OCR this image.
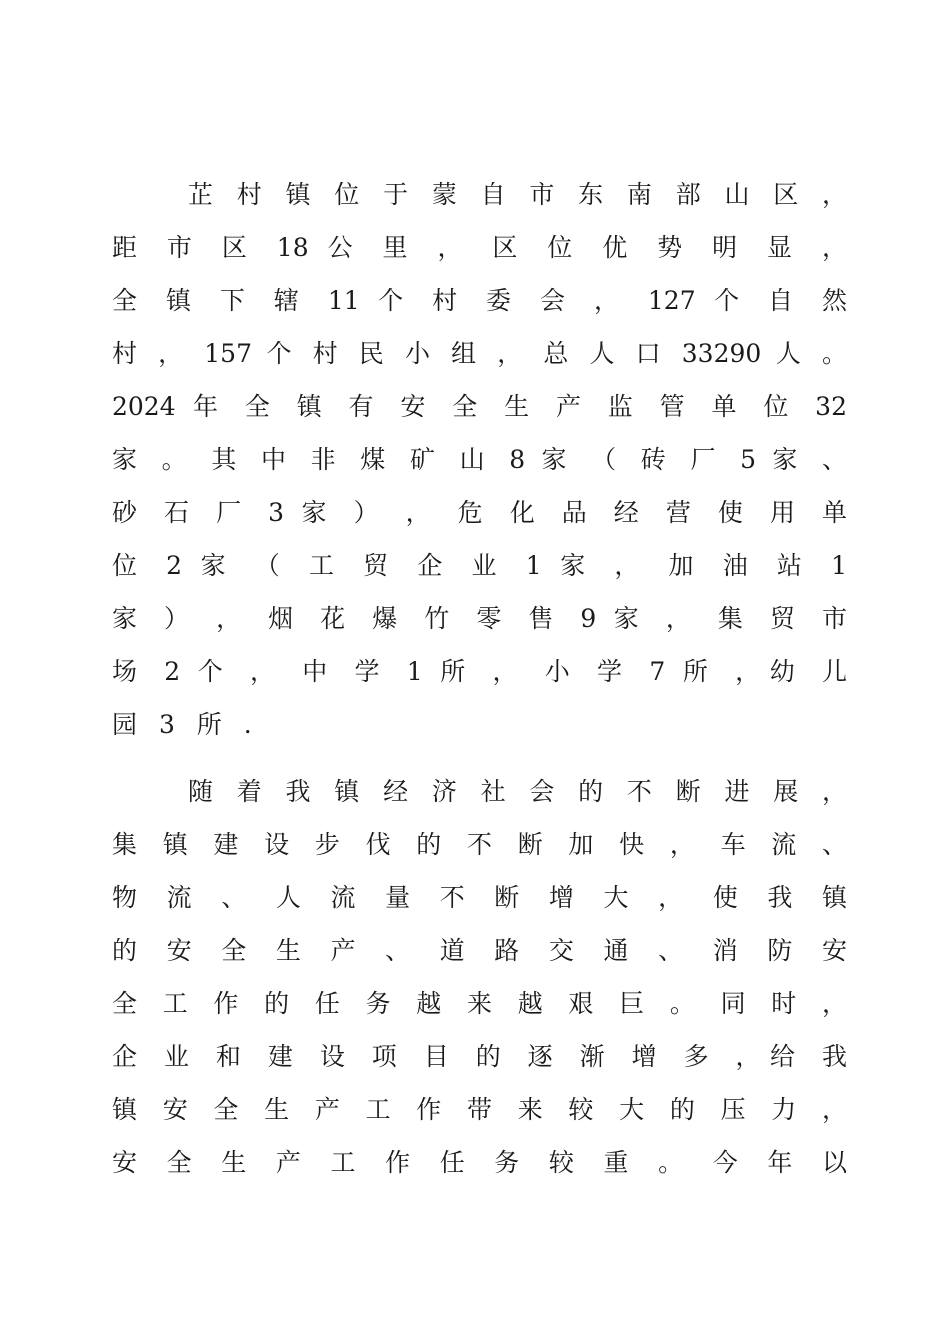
芷 村 镇 位 于 蒙 自 市 东 南 部 山 区 ，
距 市 区 18 公 里 ， 区 位 优 势 明 显 ，
全 镇 下 辖 11 个 村 委 会 ， 127 个 自 然
村 ， 157 个 村 民 小 组 ， 总 人 口 33290 人 。
2024 年 全 镇 有 安 全 生 产 监 管 单 位 32
家 。 其 中 非 煤 矿 山 8 家 （ 砖 厂 5 家 、
砂 石 厂 3 家 ） ， 危 化 品 经 营 使 用 单
位 2 家 （ 工 贸 企 业 1 家 ， 加 油 站 1
家 ） ， 烟 花 爆 竹 零 售 9 家 ， 集 贸 市
场 2 个 ， 中 学 1 所 ， 小 学 7 所 ，幼 儿
园 3 所 .
随 着 我 镇 经 济 社 会 的 不 断 进 展 ，
集 镇 建 设 步 伐 的 不 断 加 快 ， 车 流 、
物 流 、 人 流 量 不 断 增 大 ， 使 我 镇
的 安 全 生 产 、 道 路 交 通 、 消 防 安
全 工 作 的 任 务 越 来 越 艰 巨 。 同 时 ，
企 业 和 建 设 项 目 的 逐 渐 增 多 ，给 我
镇 安 全 生 产 工 作 带 来 较 大 的 压 力 ，
安 全 生 产 工 作 任 务 较 重 。 今 年 以
